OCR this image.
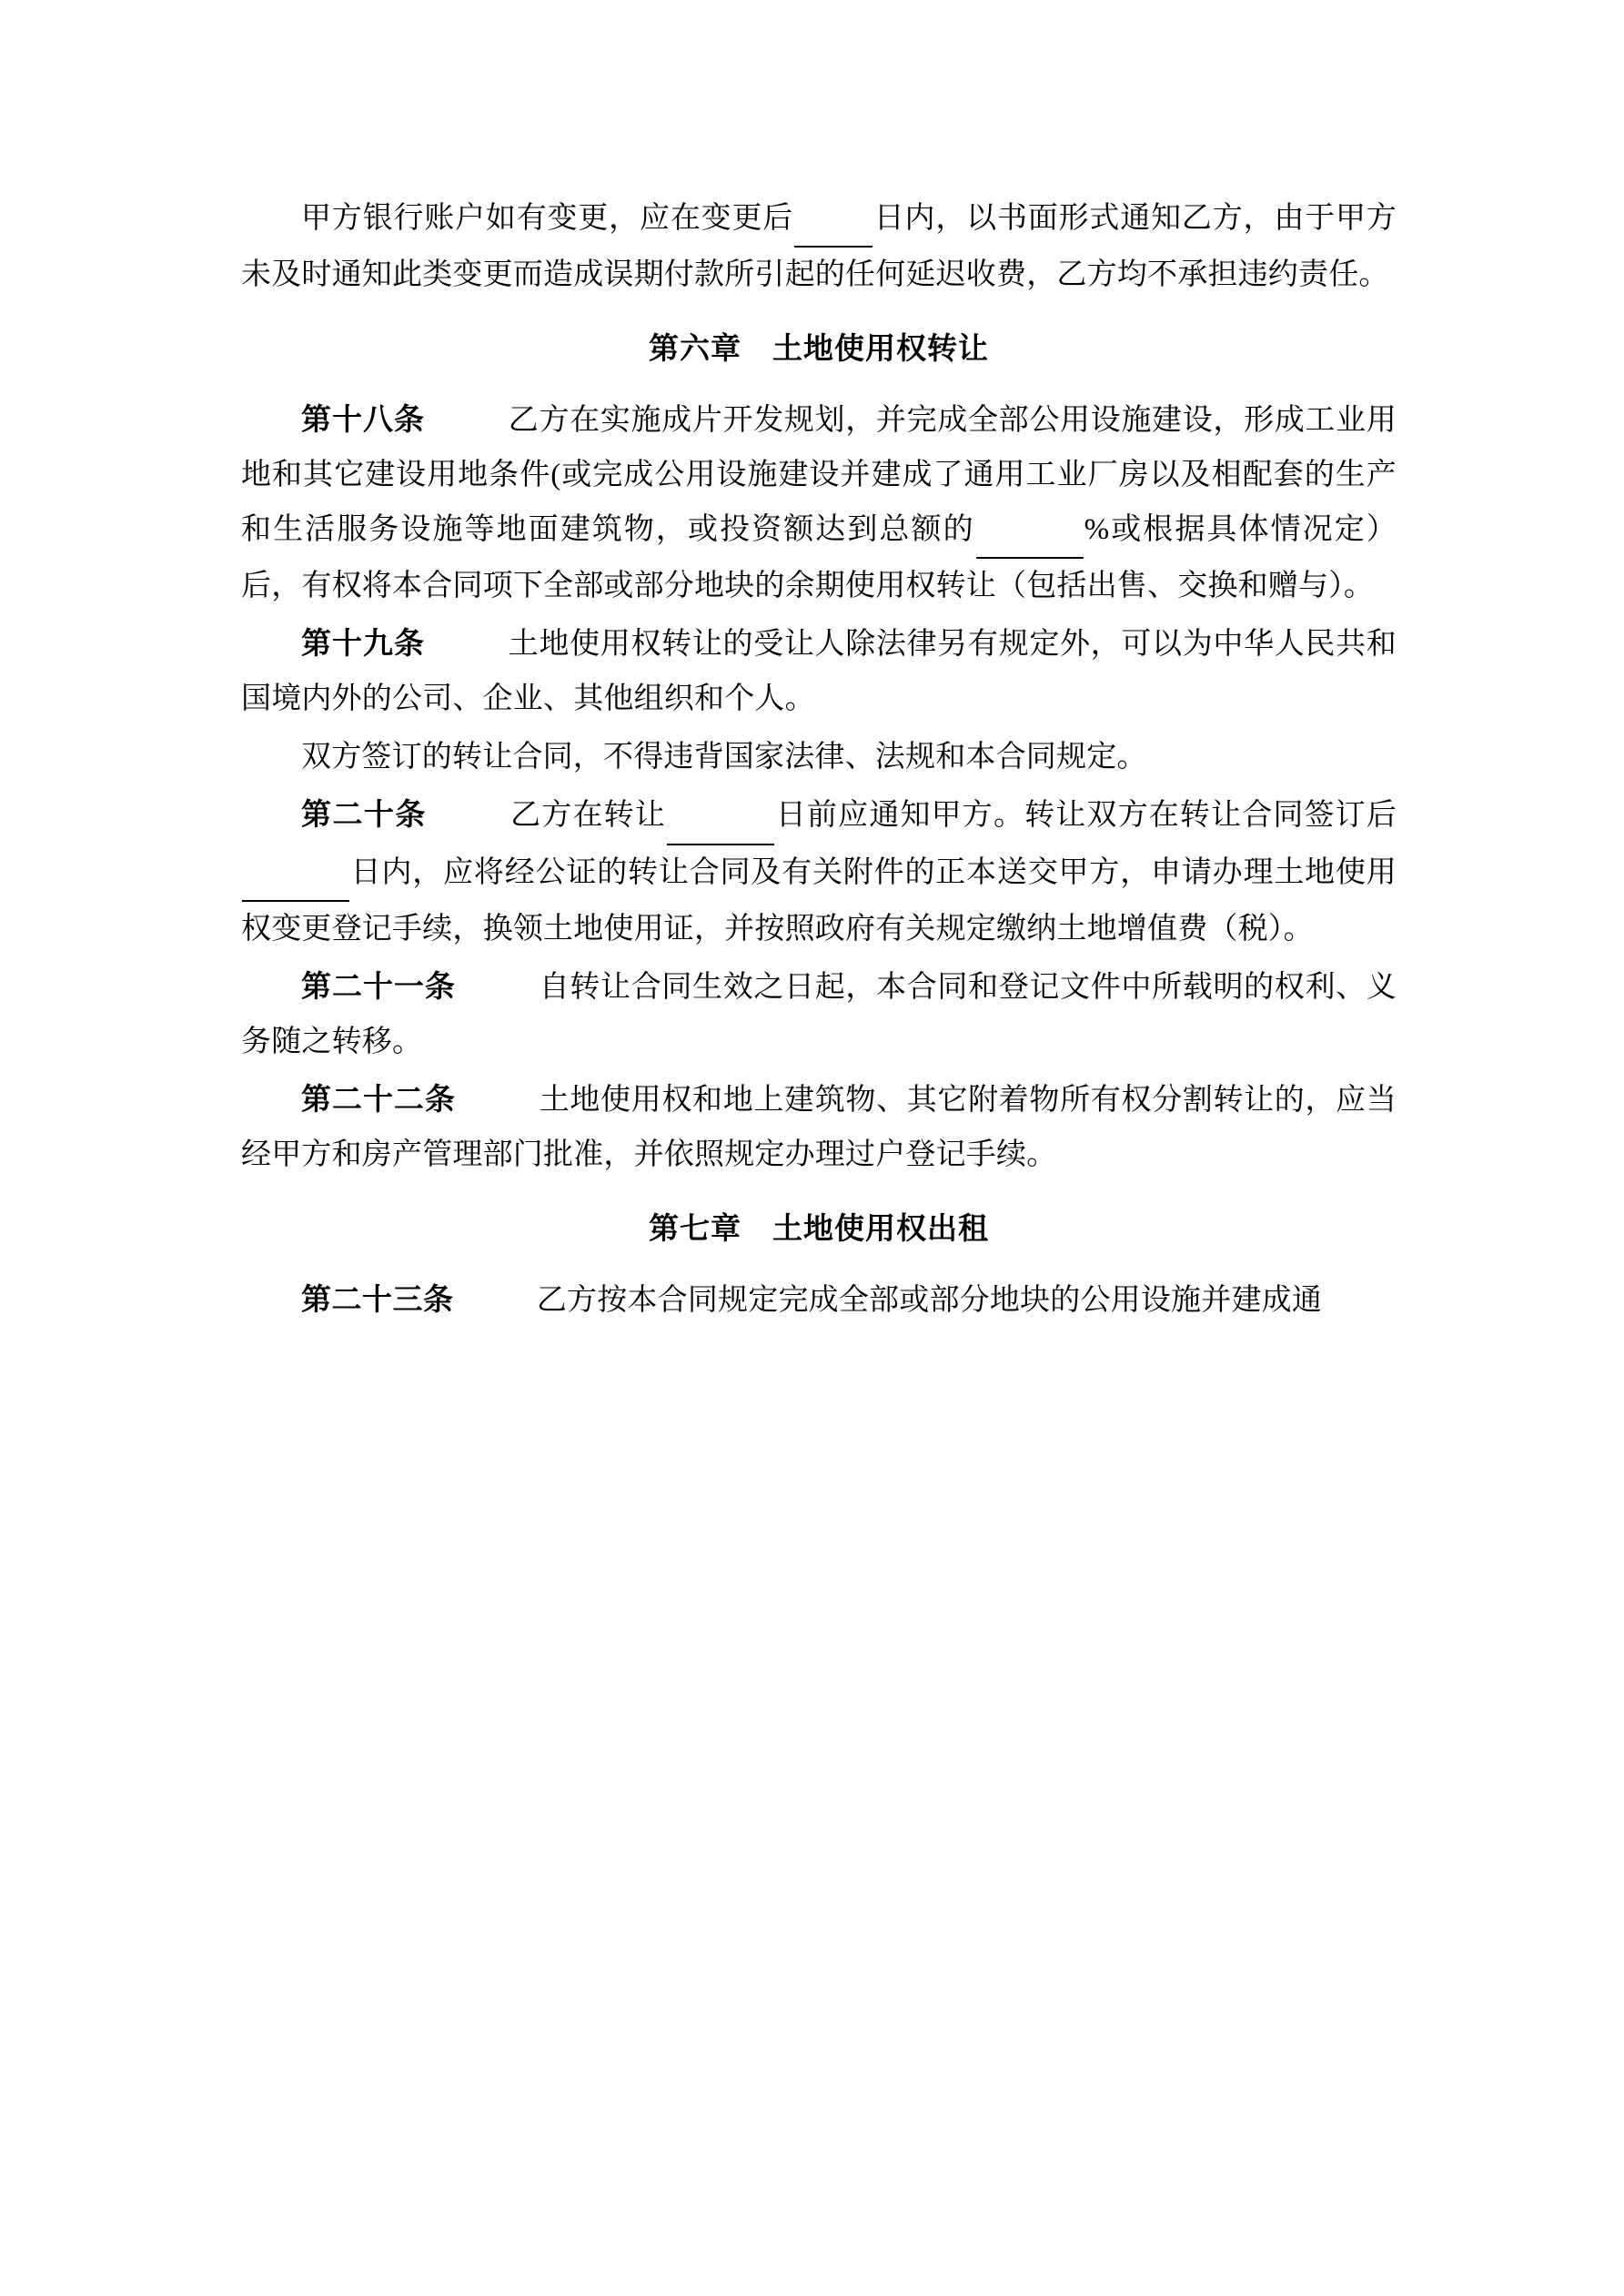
甲方银行账户如有变更，应在变更后	日内，以书面形式通知乙方，由于甲方未及时通知此类变更而造成误期付款所引起的任何延迟收费，乙方均不承担违约责任。

第六章　土地使用权转让

第十八条	乙方在实施成片开发规划，并完成全部公用设施建设，形成工业用地和其它建设用地条件(或完成公用设施建设并建成了通用工业厂房以及相配套的生产和生活服务设施等地面建筑物，或投资额达到总额的	%或根据具体情况定）后，有权将本合同项下全部或部分地块的余期使用权转让（包括出售、交换和赠与）。

第十九条	土地使用权转让的受让人除法律另有规定外，可以为中华人民共和国境内外的公司、企业、其他组织和个人。

双方签订的转让合同，不得违背国家法律、法规和本合同规定。

第二十条	乙方在转让	日前应通知甲方。转让双方在转让合同签订后 日内，应将经公证的转让合同及有关附件的正本送交甲方，申请办理土地使用权变更登记手续，换领土地使用证，并按照政府有关规定缴纳土地增值费（税）。

第二十一条	自转让合同生效之日起，本合同和登记文件中所载明的权利、义务随之转移。

第二十二条	土地使用权和地上建筑物、其它附着物所有权分割转让的，应当经甲方和房产管理部门批准，并依照规定办理过户登记手续。

第七章　土地使用权出租

第二十三条	乙方按本合同规定完成全部或部分地块的公用设施并建成通
